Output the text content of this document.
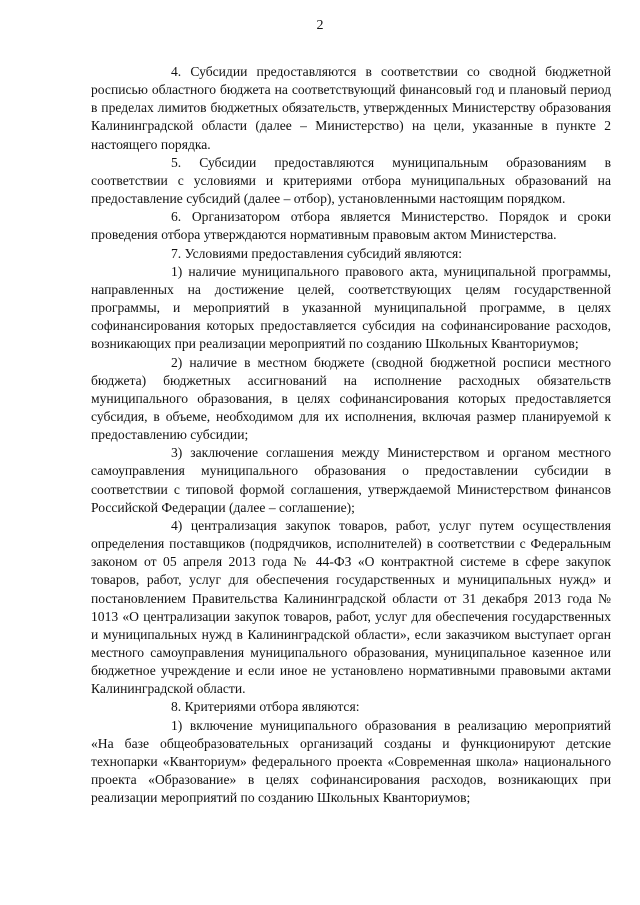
2

4. Субсидии предоставляются в соответствии со сводной бюджетной росписью областного бюджета на соответствующий финансовый год и плановый период в пределах лимитов бюджетных обязательств, утвержденных Министерству образования Калининградской области (далее – Министерство) на цели, указанные в пункте 2 настоящего порядка.

5. Субсидии предоставляются муниципальным образованиям в соответствии с условиями и критериями отбора муниципальных образований на предоставление субсидий (далее – отбор), установленными настоящим порядком.

6. Организатором отбора является Министерство. Порядок и сроки проведения отбора утверждаются нормативным правовым актом Министерства.

7. Условиями предоставления субсидий являются:

1) наличие муниципального правового акта, муниципальной программы, направленных на достижение целей, соответствующих целям государственной программы, и мероприятий в указанной муниципальной программе, в целях софинансирования которых предоставляется субсидия на софинансирование расходов, возникающих при реализации мероприятий по созданию Школьных Кванториумов;

2) наличие в местном бюджете (сводной бюджетной росписи местного бюджета) бюджетных ассигнований на исполнение расходных обязательств муниципального образования, в целях софинансирования которых предоставляется субсидия, в объеме, необходимом для их исполнения, включая размер планируемой к предоставлению субсидии;

3) заключение соглашения между Министерством и органом местного самоуправления муниципального образования о предоставлении субсидии в соответствии с типовой формой соглашения, утверждаемой Министерством финансов Российской Федерации (далее – соглашение);

4) централизация закупок товаров, работ, услуг путем осуществления определения поставщиков (подрядчиков, исполнителей) в соответствии с Федеральным законом от 05 апреля 2013 года № 44-ФЗ «О контрактной системе в сфере закупок товаров, работ, услуг для обеспечения государственных и муниципальных нужд» и постановлением Правительства Калининградской области от 31 декабря 2013 года № 1013 «О централизации закупок товаров, работ, услуг для обеспечения государственных и муниципальных нужд в Калининградской области», если заказчиком выступает орган местного самоуправления муниципального образования, муниципальное казенное или бюджетное учреждение и если иное не установлено нормативными правовыми актами Калининградской области.

8. Критериями отбора являются:

1) включение муниципального образования в реализацию мероприятий «На базе общеобразовательных организаций созданы и функционируют детские технопарки «Кванториум» федерального проекта «Современная школа» национального проекта «Образование» в целях софинансирования расходов, возникающих при реализации мероприятий по созданию Школьных Кванториумов;
